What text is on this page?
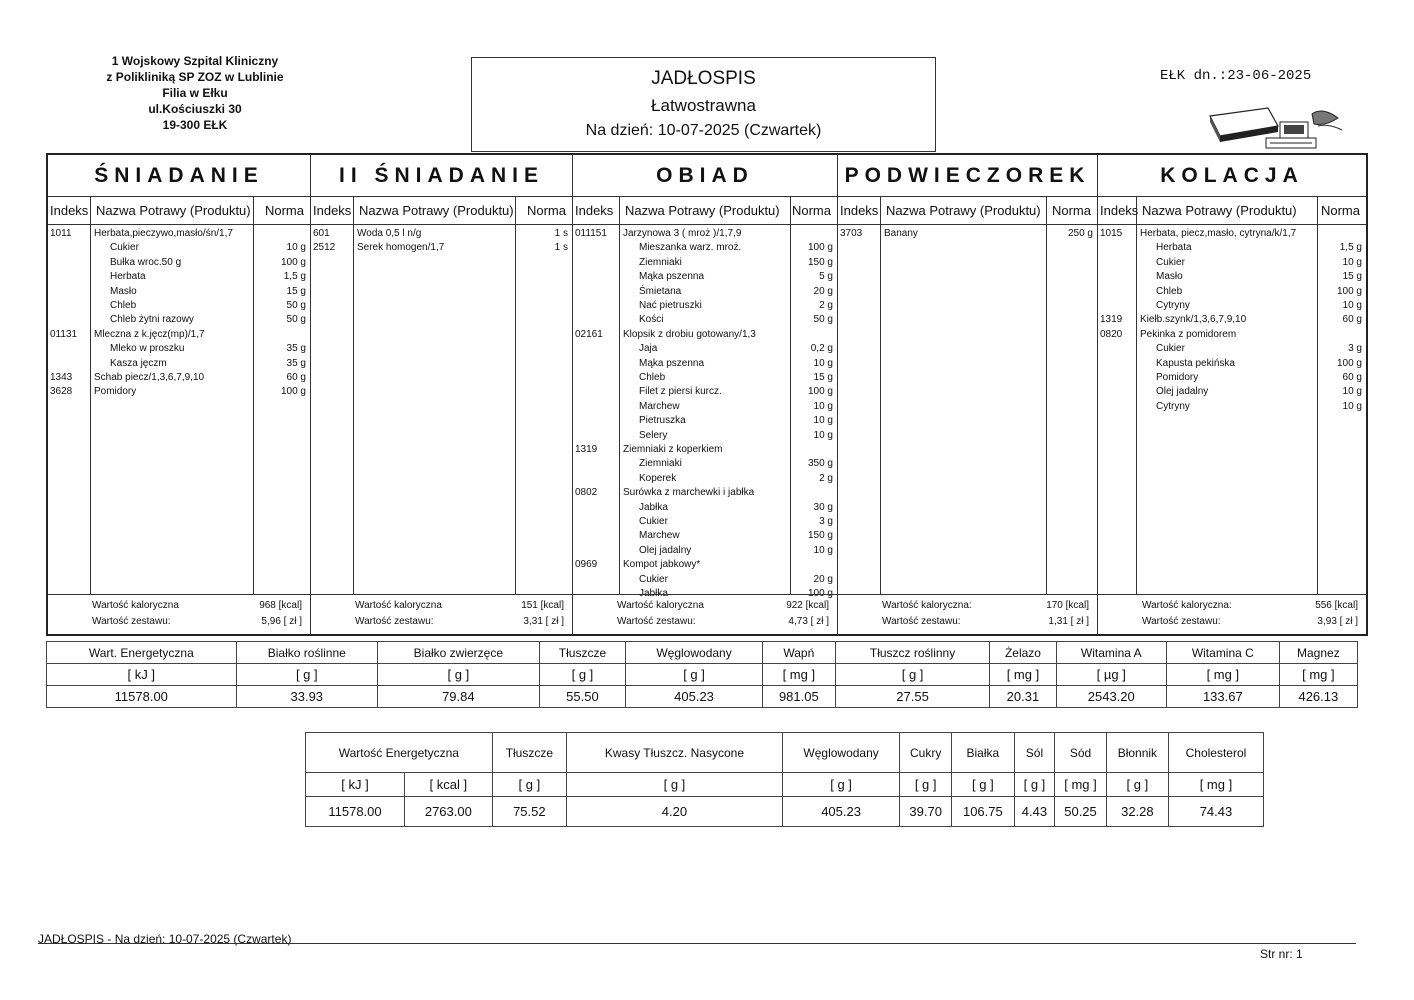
1 Wojskowy Szpital Kliniczny
z Polikliniką SP ZOZ w Lublinie
Filia w Ełku
ul.Kościuszki 30
19-300 EŁK
JADŁOSPIS
Łatwostrawna
Na dzień: 10-07-2025 (Czwartek)
EŁK dn.:23-06-2025
ŚNIADANIE
Indeks Nazwa Potrawy (Produktu) Norma
1011 Herbata,pieczywo,masło/śn/1,7
Cukier	10 g
Bułka wroc.50 g	100 g
Herbata	1,5 g
Masło	15 g
Chleb	50 g
Chleb żytni razowy	50 g
01131 Mleczna z k.jęcz(mp)/1,7
Mleko w proszku	35 g
Kasza jęczm	35 g
1343 Schab piecz/1,3,6,7,9,10	60 g
3628 Pomidory	100 g
Wartość kaloryczna	968 [kcal]
Wartość zestawu:	5,96 [ zł ]
II ŚNIADANIE
Indeks Nazwa Potrawy (Produktu) Norma
601	Woda 0,5 l n/g	1 s
2512 Serek homogen/1,7	1 s
Wartość kaloryczna	151 [kcal]
Wartość zestawu:	3,31 [ zł ]
OBIAD
Indeks Nazwa Potrawy (Produktu) Norma
011151 Jarzynowa 3 ( mroż )/1,7,9
Mieszanka warz. mroż.	100 g
Ziemniaki	150 g
Mąka pszenna	5 g
Śmietana	20 g
Nać pietruszki	2 g
Kości	50 g
02161 Klopsik z drobiu gotowany/1,3
Jaja	0,2 g
Mąka pszenna	10 g
Chleb	15 g
Filet z piersi kurcz.	100 g
Marchew	10 g
Pietruszka	10 g
Selery	10 g
1319	Ziemniaki z koperkiem
Ziemniaki	350 g
Koperek	2 g
0802	Surówka z marchewki i jabłka
Jabłka	30 g
Cukier	3 g
Marchew	150 g
Olej jadalny	10 g
0969	Kompot jabkowy*
Cukier	20 g
Jabłka	100 g
Wartość kaloryczna	922 [kcal]
Wartość zestawu:	4,73 [ zł ]
PODWIECZOREK
Indeks Nazwa Potrawy (Produktu) Norma
3703 Banany	250 g
Wartość kaloryczna:	170 [kcal]
Wartość zestawu:	1,31 [ zł ]
KOLACJA
Indeks Nazwa Potrawy (Produktu) Norma
1015 Herbata, piecz,masło, cytryna/k/1,7
Herbata	1,5 g
Cukier	10 g
Masło	15 g
Chleb	100 g
Cytryny	10 g
1319 Kiełb.szynk/1,3,6,7,9,10	60 g
0820 Pekinka z pomidorem
Cukier	3 g
Kapusta pekińska	100 g
Pomidory	60 g
Olej jadalny	10 g
Cytryny	10 g
Wartość kaloryczna:	556 [kcal]
Wartość zestawu:	3,93 [ zł ]
Wart. Energetyczna	Białko roślinne	Białko zwierzęce	Tłuszcze	Węglowodany	Wapń	Tłuszcz roślinny	Żelazo	Witamina A	Witamina C	Magnez
[ kJ ]	[ g ]	[ g ]	[ g ]	[ g ]	[ mg ]	[ g ]	[ mg ]	[ µg ]	[ mg ]	[ mg ]
11578.00	33.93	79.84	55.50	405.23	981.05	27.55	20.31	2543.20	133.67	426.13
Wartość Energetyczna		Tłuszcze	Kwasy Tłuszcz. Nasycone	Węglowodany	Cukry	Białka	Sól	Sód	Błonnik	Cholesterol
[ kJ ]	[ kcal ]	[ g ]	[ g ]	[ g ]	[ g ]	[ g ]	[ g ]	[ mg ]	[ g ]	[ mg ]
11578.00	2763.00	75.52	4.20	405.23	39.70	106.75	4.43	50.25	32.28	74.43
JADŁOSPIS - Na dzień: 10-07-2025 (Czwartek)
Str nr: 1
